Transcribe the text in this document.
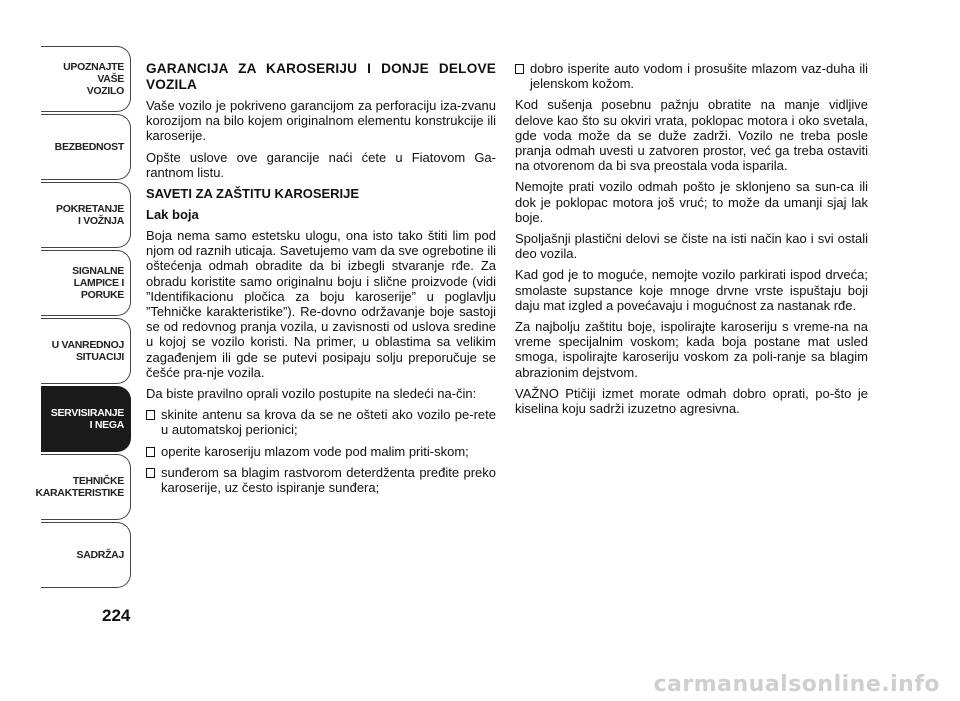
UPOZNAJTE
VAŠE
VOZILO
BEZBEDNOST
POKRETANJE
I VOŽNJA
SIGNALNE
LAMPICE I PORUKE
U VANREDNOJ
SITUACIJI
SERVISIRANJE
I NEGA
TEHNIČKE
KARAKTERISTIKE
SADRŽAJ
224
GARANCIJA ZA KAROSERIJU I DONJE DELOVE VOZILA

Vaše vozilo je pokriveno garancijom za perforaciju iza-zvanu korozijom na bilo kojem originalnom elementu konstrukcije ili karoserije.

Opšte uslove ove garancije naći ćete u Fiatovom Ga-rantnom listu.

SAVETI ZA ZAŠTITU KAROSERIJE
Lak boja

Boja nema samo estetsku ulogu, ona isto tako štiti lim pod njom od raznih uticaja. Savetujemo vam da sve ogrebotine ili oštećenja odmah obradite da bi izbegli stvaranje rđe. Za obradu koristite samo originalnu boju i slične proizvode (vidi ”Identifikacionu pločica za boju karoserije” u poglavlju ”Tehničke karakteristike”). Re-dovno održavanje boje sastoji se od redovnog pranja vozila, u zavisnosti od uslova sredine u kojoj se vozilo koristi. Na primer, u oblastima sa velikim zagađenjem ili gde se putevi posipaju solju preporučuje se češće pra-nje vozila.

Da biste pravilno oprali vozilo postupite na sledeći na-čin:

skinite antenu sa krova da se ne ošteti ako vozilo pe-rete u automatskoj perionici;
operite karoseriju mlazom vode pod malim priti-skom;
sunđerom sa blagim rastvorom deterdženta pređite preko karoserije, uz često ispiranje sunđera;
dobro isperite auto vodom i prosušite mlazom vaz-duha ili jelenskom kožom.

Kod sušenja posebnu pažnju obratite na manje vidljive delove kao što su okviri vrata, poklopac motora i oko svetala, gde voda može da se duže zadrži. Vozilo ne treba posle pranja odmah uvesti u zatvoren prostor, već ga treba ostaviti na otvorenom da bi sva preostala voda isparila.

Nemojte prati vozilo odmah pošto je sklonjeno sa sun-ca ili dok je poklopac motora još vruć; to može da umanji sjaj lak boje.

Spoljašnji plastični delovi se čiste na isti način kao i svi ostali deo vozila.

Kad god je to moguće, nemojte vozilo parkirati ispod drveća; smolaste supstance koje mnoge drvne vrste ispuštaju boji daju mat izgled a povećavaju i mogućnost za nastanak rđe.

Za najbolju zaštitu boje, ispolirajte karoseriju s vreme-na na vreme specijalnim voskom; kada boja postane mat usled smoga, ispolirajte karoseriju voskom za poli-ranje sa blagim abrazionim dejstvom.

VAŽNO Ptičiji izmet morate odmah dobro oprati, po-što je kiselina koju sadrži izuzetno agresivna.

carmanualsonline.info
